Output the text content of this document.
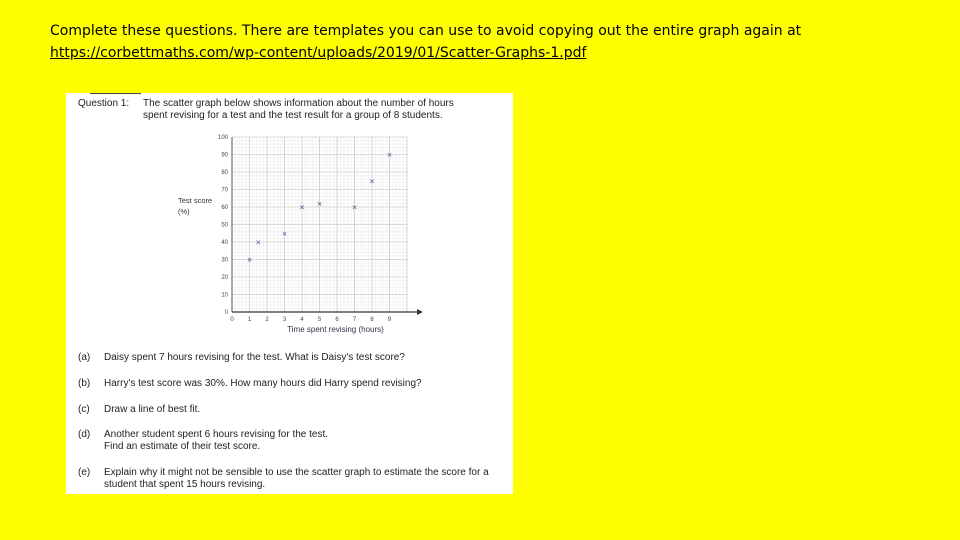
Complete these questions. There are templates you can use to avoid copying out the entire graph again at
https://corbettmaths.com/wp-content/uploads/2019/01/Scatter-Graphs-1.pdf
Question 1: The scatter graph below shows information about the number of hours
spent revising for a test and the test result for a group of 8 students.
0
10
20
30
40
50
60
70
80
90
100
0 1 2 3 4 5 6 7 8 9
×
×
×
× ×	×
×
×
Test score
(%)
Time spent revising (hours)
(a) Daisy spent 7 hours revising for the test. What is Daisy's test score?
(b) Harry's test score was 30%. How many hours did Harry spend revising?
(c) Draw a line of best fit.
(d) Another student spent 6 hours revising for the test.
Find an estimate of their test score.
(e) Explain why it might not be sensible to use the scatter graph to estimate the score for a
student that spent 15 hours revising.
